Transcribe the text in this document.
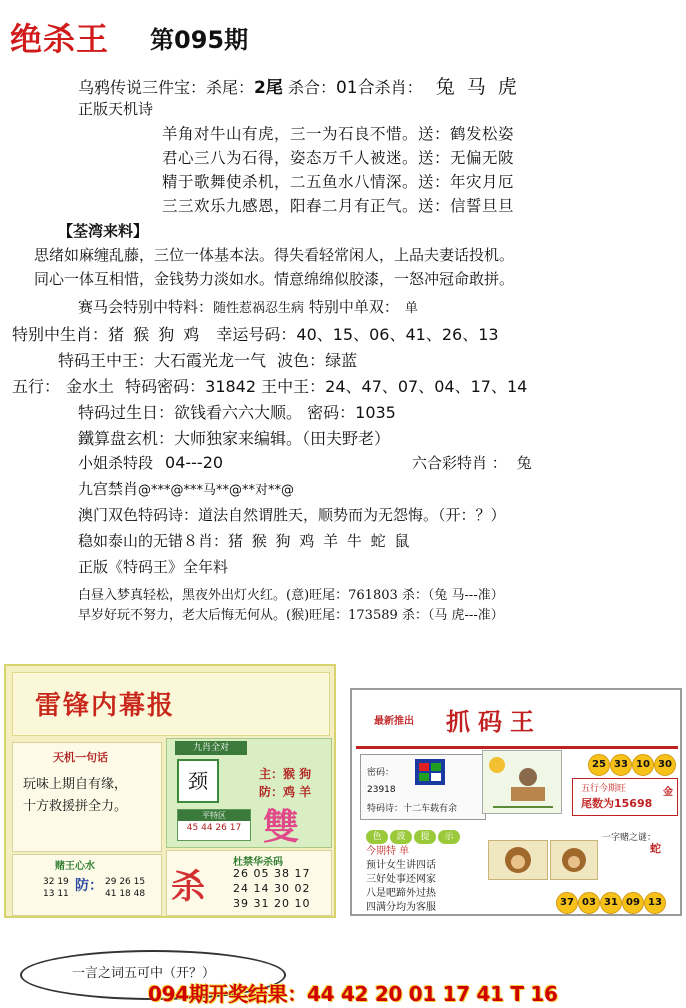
绝杀王 第095期
乌鸦传说三件宝：杀尾：2尾 杀合：01合杀肖： 兔 马 虎
正版天机诗
羊角对牛山有虎，三一为石良不惜。送：鹤发松姿
君心三八为石得，姿态万千人被迷。送：无偏无陂
精于歌舞使杀机，二五鱼水八情深。送：年灾月厄
三三欢乐九感恩，阳春二月有正气。送：信誓旦旦
【荃湾来料】
思绪如麻缠乱藤，三位一体基本法。得失看轻常闲人，上品夫妻话投机。
同心一体互相惜，金钱势力淡如水。情意绵绵似胶漆，一怒冲冠命敢拼。
赛马会特别中特料：随性惹祸忍生病 特别中单双： 单
特别中生肖：猪 猴 狗 鸡 幸运号码：40、15、06、41、26、13
特码王中王：大石霞光龙一气 波色：绿蓝
五行： 金水土 特码密码：31842 王中王：24、47、07、04、17、14
特码过生日：欲钱看六六大顺。 密码：1035
鐵算盘玄机：大师独家来编辑。（田夫野老）
小姐杀特段 04---20	六合彩特肖 ： 兔
九宫禁肖@***@***马**@**对**@
澳门双色特码诗：道法自然谓胜天，顺势而为无怨悔。（开：？）
稳如泰山的无错８肖：猪 猴 狗 鸡 羊 牛 蛇 鼠
正版《特码王》全年料
白昼入梦真轻松，黑夜外出灯火红。(意)旺尾：761803 杀：（兔 马---准）
早岁好玩不努力，老大后悔无何从。(猴)旺尾：173589 杀：（马 虎---准）
雷锋内幕报
天机一句话
玩味上期自有缘，
十方救援拼全力。
九肖全对
颈	主：猴 狗
防：鸡 羊
雙
平特区
45 44 26 17
赌王心水
32 19
13 11 防： 29 26 15
41 18 48 杀
杜禁华杀码
26 05 38 17
24 14 30 02
39 31 20 10
最新推出 抓码王
25 33 10 30
密码：
23918
特码诗：十二车载有余
五行今期旺	金
尾数为15698
色 波 提 示
今期特 单
预计女生讲四话
三好处事还网家
八是吧蹄外过热
四满分均为客服
一字赌之谜：
蛇
37 03 31 09 13
一言之词五可中（开？）
094期开奖结果：44 42 20 01 17 41 T 16
